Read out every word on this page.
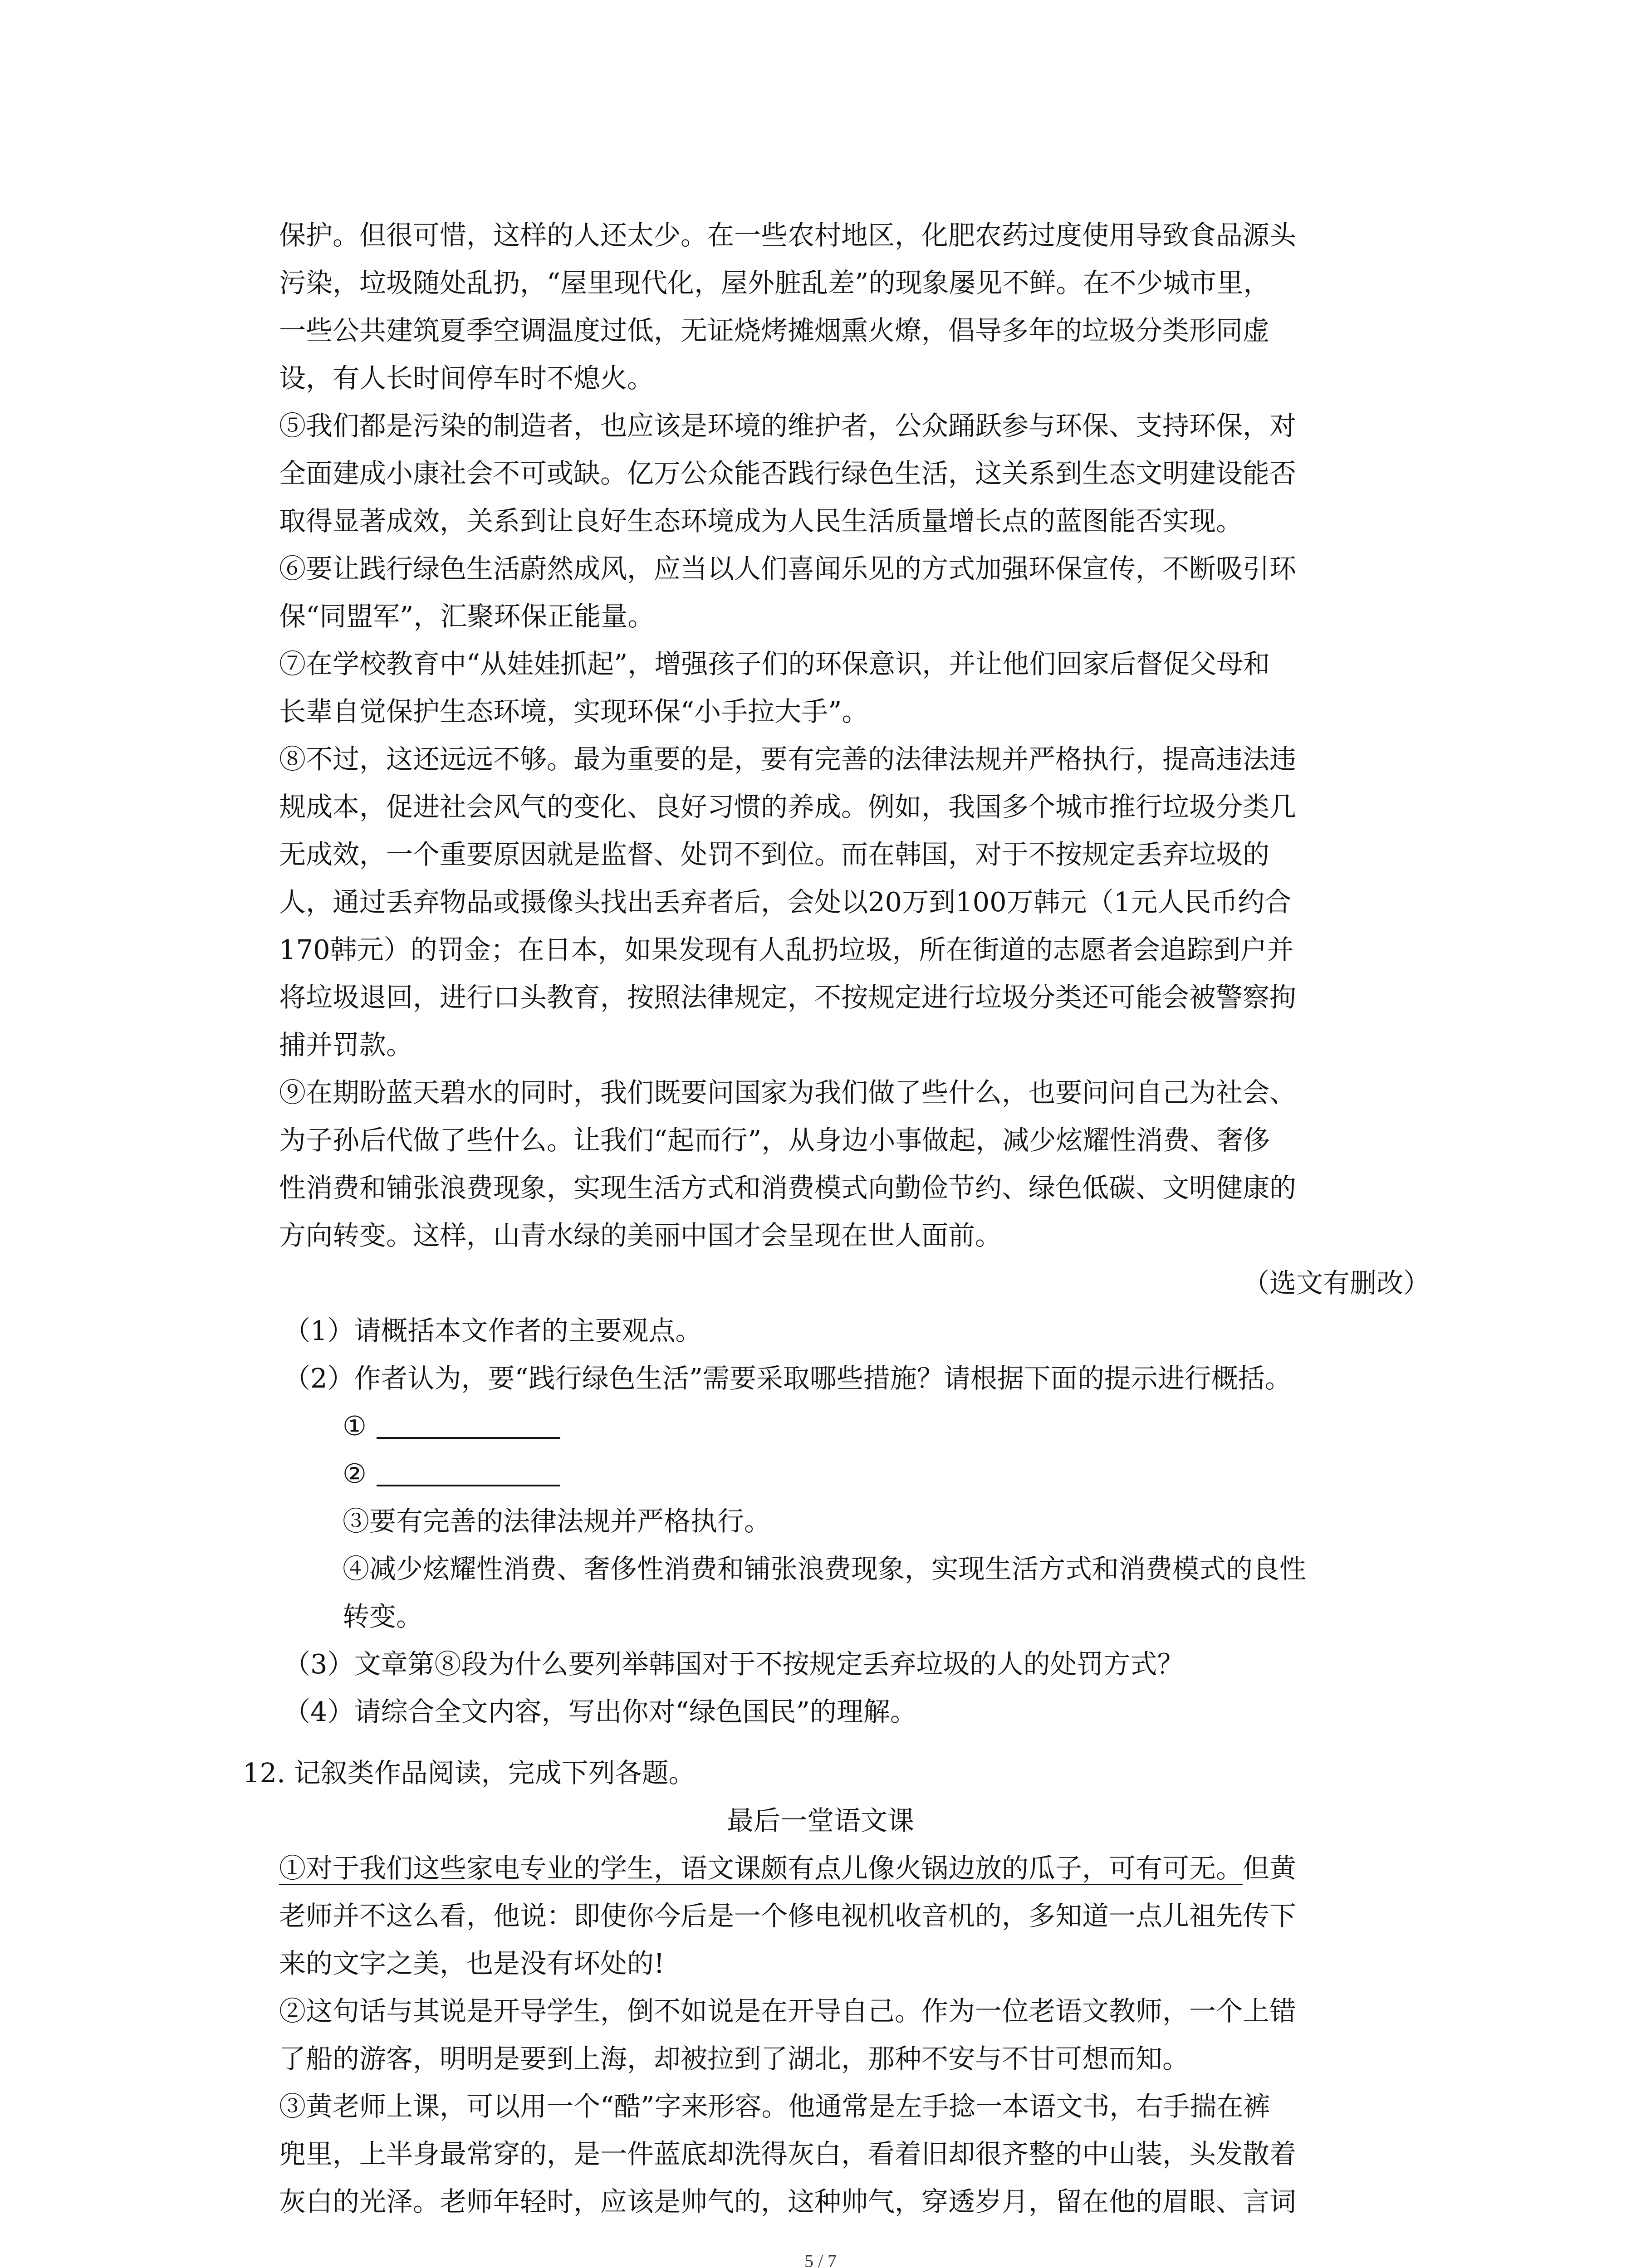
保护。但很可惜，这样的人还太少。在一些农村地区，化肥农药过度使用导致食品源头

污染，垃圾随处乱扔，“屋里现代化，屋外脏乱差”的现象屡见不鲜。在不少城市里，

一些公共建筑夏季空调温度过低，无证烧烤摊烟熏火燎，倡导多年的垃圾分类形同虚

设，有人长时间停车时不熄火。

⑤我们都是污染的制造者，也应该是环境的维护者，公众踊跃参与环保、支持环保，对

全面建成小康社会不可或缺。亿万公众能否践行绿色生活，这关系到生态文明建设能否

取得显著成效，关系到让良好生态环境成为人民生活质量增长点的蓝图能否实现。

⑥要让践行绿色生活蔚然成风，应当以人们喜闻乐见的方式加强环保宣传，不断吸引环

保“同盟军”，汇聚环保正能量。

⑦在学校教育中“从娃娃抓起”，增强孩子们的环保意识，并让他们回家后督促父母和

长辈自觉保护生态环境，实现环保“小手拉大手”。

⑧不过，这还远远不够。最为重要的是，要有完善的法律法规并严格执行，提高违法违

规成本，促进社会风气的变化、良好习惯的养成。例如，我国多个城市推行垃圾分类几

无成效，一个重要原因就是监督、处罚不到位。而在韩国，对于不按规定丢弃垃圾的

人，通过丢弃物品或摄像头找出丢弃者后，会处以20万到100万韩元（1元人民币约合

170韩元）的罚金；在日本，如果发现有人乱扔垃圾，所在街道的志愿者会追踪到户并

将垃圾退回，进行口头教育，按照法律规定，不按规定进行垃圾分类还可能会被警察拘

捕并罚款。

⑨在期盼蓝天碧水的同时，我们既要问国家为我们做了些什么，也要问问自己为社会、

为子孙后代做了些什么。让我们“起而行”，从身边小事做起，减少炫耀性消费、奢侈

性消费和铺张浪费现象，实现生活方式和消费模式向勤俭节约、绿色低碳、文明健康的

方向转变。这样，山青水绿的美丽中国才会呈现在世人面前。

（选文有删改）

（1）请概括本文作者的主要观点。

（2）作者认为，要“践行绿色生活”需要采取哪些措施？请根据下面的提示进行概括。

①

②

③要有完善的法律法规并严格执行。

④减少炫耀性消费、奢侈性消费和铺张浪费现象，实现生活方式和消费模式的良性

转变。

（3）文章第⑧段为什么要列举韩国对于不按规定丢弃垃圾的人的处罚方式？

（4）请综合全文内容，写出你对“绿色国民”的理解。

12. 记叙类作品阅读，完成下列各题。

最后一堂语文课

①对于我们这些家电专业的学生，语文课颇有点儿像火锅边放的瓜子，可有可无。但黄

老师并不这么看，他说：即使你今后是一个修电视机收音机的，多知道一点儿祖先传下

来的文字之美，也是没有坏处的!

②这句话与其说是开导学生，倒不如说是在开导自己。作为一位老语文教师，一个上错

了船的游客，明明是要到上海，却被拉到了湖北，那种不安与不甘可想而知。

③黄老师上课，可以用一个“酷”字来形容。他通常是左手捻一本语文书，右手揣在裤

兜里，上半身最常穿的，是一件蓝底却洗得灰白，看着旧却很齐整的中山装，头发散着

灰白的光泽。老师年轻时，应该是帅气的，这种帅气，穿透岁月，留在他的眉眼、言词

5 / 7
